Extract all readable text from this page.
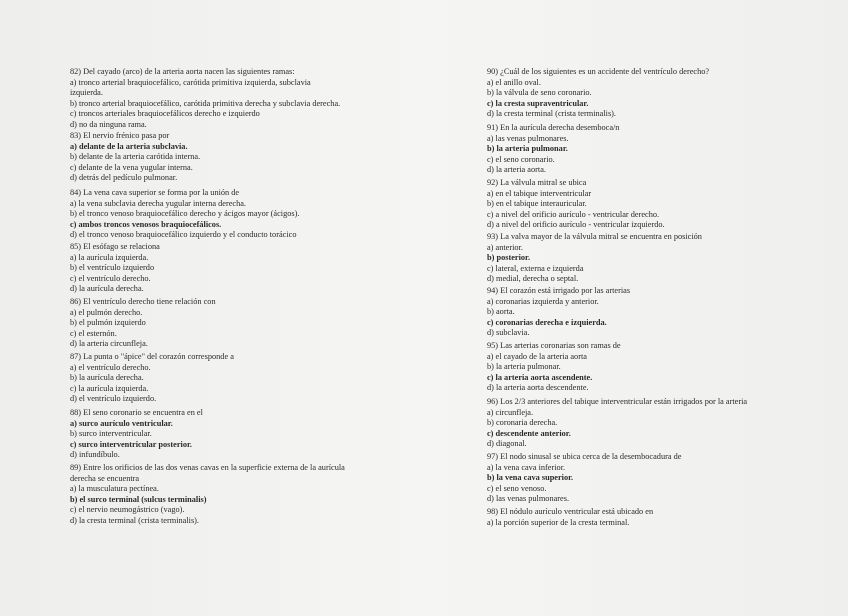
82) Del cayado (arco) de la arteria aorta nacen las siguientes ramas:
a) tronco arterial braquiocefálico, carótida primitiva izquierda, subclavia
izquierda.
b) tronco arterial braquiocefálico, carótida primitiva derecha y subclavia derecha.
c) troncos arteriales braquiocefálicos derecho e izquierdo
d) no da ninguna rama.
83) El nervio frénico pasa por
a) delante de la arteria subclavia.
b) delante de la arteria carótida interna.
c) delante de la vena yugular interna.
d) detrás del pedículo pulmonar.
84) La vena cava superior se forma por la unión de
a) la vena subclavia derecha yugular interna derecha.
b) el tronco venoso braquiocefálico derecho y ácigos mayor (ácigos).
c) ambos troncos venosos braquiocefálicos.
d) el tronco venoso braquiocefálico izquierdo y el conducto torácico
85) El esófago se relaciona
a) la aurícula izquierda.
b) el ventrículo izquierdo
c) el ventrículo derecho.
d) la aurícula derecha.
86) El ventrículo derecho tiene relación con
a) el pulmón derecho.
b) el pulmón izquierdo
c) el esternón.
d) la arteria circunfleja.
87) La punta o "ápice" del corazón corresponde a
a) el ventrículo derecho.
b) la aurícula derecha.
c) la aurícula izquierda.
d) el ventrículo izquierdo.
88) El seno coronario se encuentra en el
a) surco aurículo ventricular.
b) surco interventricular.
c) surco interventricular posterior.
d) infundíbulo.
89) Entre los orificios de las dos venas cavas en la superficie externa de la aurícula
derecha se encuentra
a) la musculatura pectínea.
b) el surco terminal (sulcus terminalis)
c) el nervio neumogástrico (vago).
d) la cresta terminal (crista terminalis).
90) ¿Cuál de los siguientes es un accidente del ventrículo derecho?
a) el anillo oval.
b) la válvula de seno coronario.
c) la cresta supraventricular.
d) la cresta terminal (crista terminalis).
91) En la aurícula derecha desemboca/n
a) las venas pulmonares.
b) la arteria pulmonar.
c) el seno coronario.
d) la arteria aorta.
92) La válvula mitral se ubica
a) en el tabique interventricular
b) en el tabique interauricular.
c) a nivel del orificio aurículo - ventricular derecho.
d) a nivel del orificio aurículo - ventricular izquierdo.
93) La valva mayor de la válvula mitral se encuentra en posición
a) anterior.
b) posterior.
c) lateral, externa e izquierda
d) medial, derecha o septal.
94) El corazón está irrigado por las arterias
a) coronarias izquierda y anterior.
b) aorta.
c) coronarias derecha e izquierda.
d) subclavia.
95) Las arterias coronarias son ramas de
a) el cayado de la arteria aorta
b) la arteria pulmonar.
c) la arteria aorta ascendente.
d) la arteria aorta descendente.
96) Los 2/3 anteriores del tabique interventricular están irrigados por la arteria
a) circunfleja.
b) coronaria derecha.
c) descendente anterior.
d) diagonal.
97) El nodo sinusal se ubica cerca de la desembocadura de
a) la vena cava inferior.
b) la vena cava superior.
c) el seno venoso.
d) las venas pulmonares.
98) El nódulo aurículo ventricular está ubicado en
a) la porción superior de la cresta terminal.
